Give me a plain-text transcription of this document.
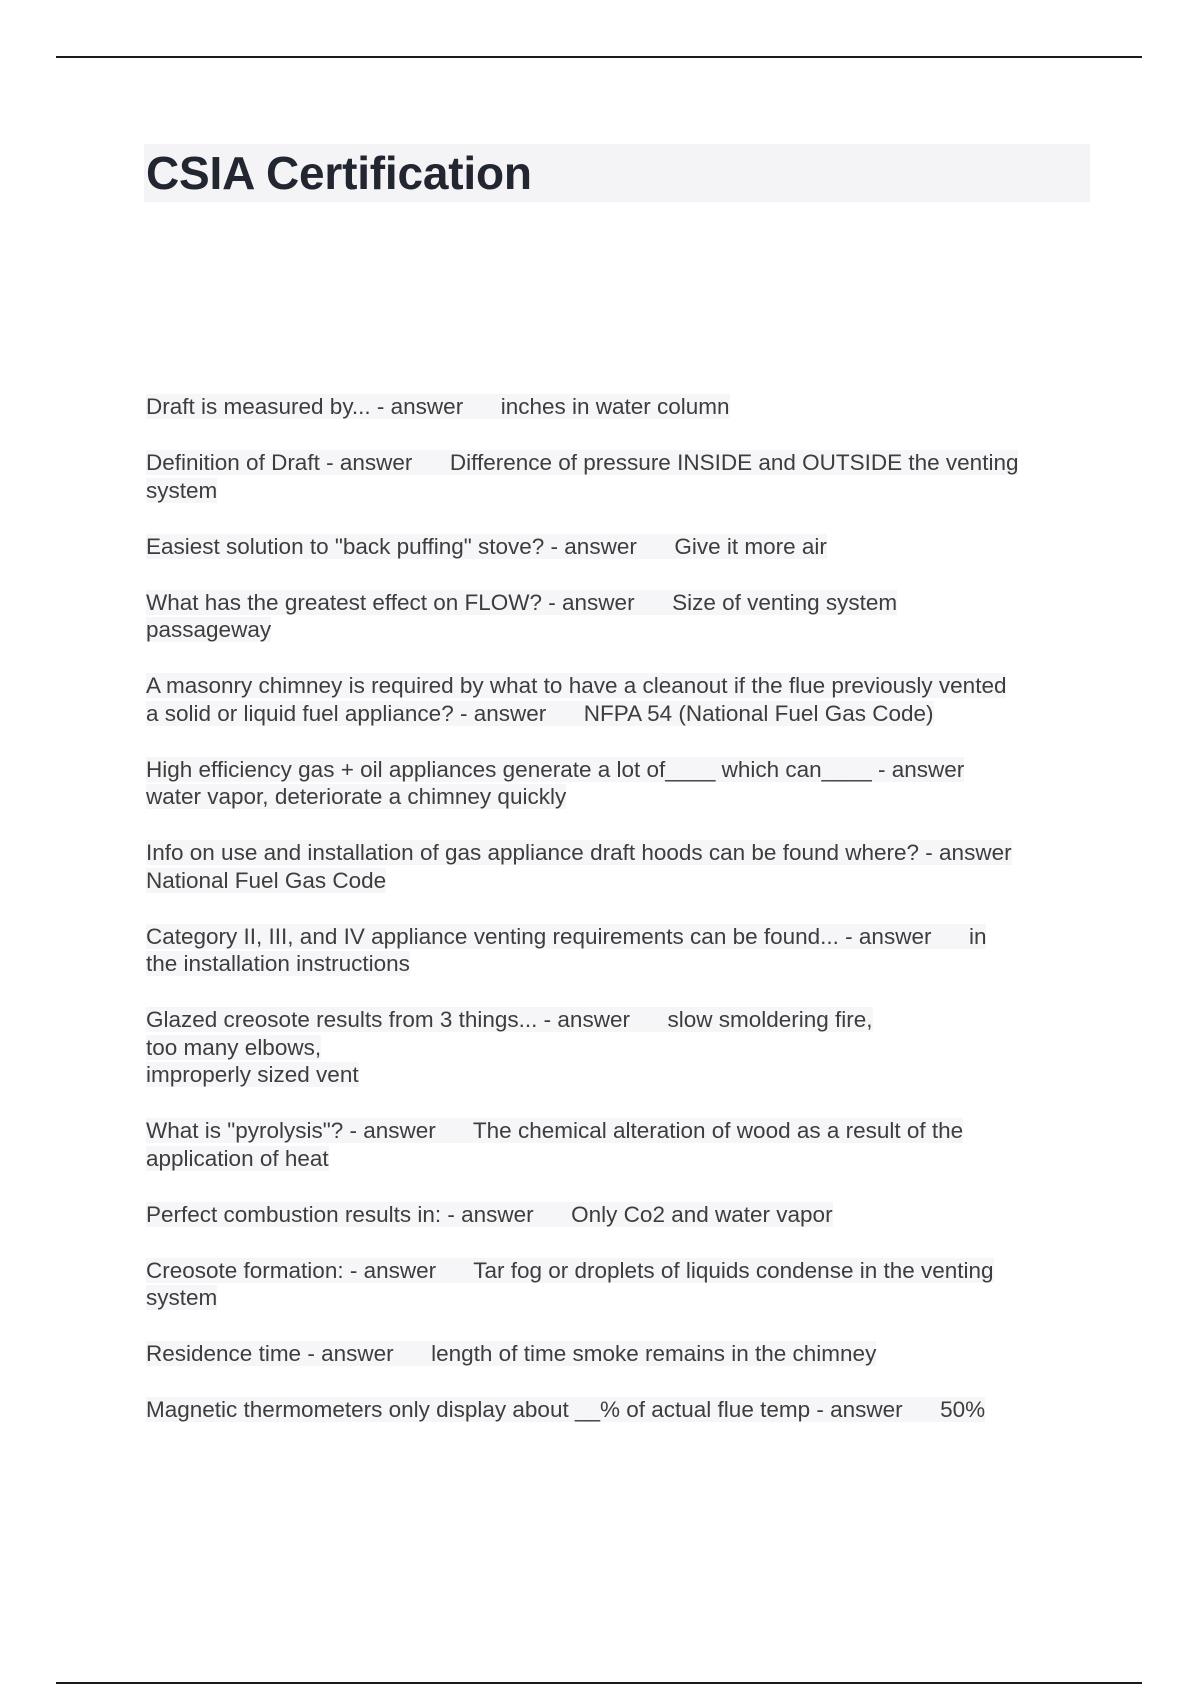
CSIA Certification

Draft is measured by... - answer inches in water column

Definition of Draft - answer Difference of pressure INSIDE and OUTSIDE the venting
system

Easiest solution to "back puffing" stove? - answer Give it more air

What has the greatest effect on FLOW? - answer Size of venting system
passageway

A masonry chimney is required by what to have a cleanout if the flue previously vented
a solid or liquid fuel appliance? - answer NFPA 54 (National Fuel Gas Code)

High efficiency gas + oil appliances generate a lot of____ which can____ - answer
water vapor, deteriorate a chimney quickly

Info on use and installation of gas appliance draft hoods can be found where? - answer
National Fuel Gas Code

Category II, III, and IV appliance venting requirements can be found... - answer in
the installation instructions

Glazed creosote results from 3 things... - answer slow smoldering fire,
too many elbows,
improperly sized vent

What is "pyrolysis"? - answer The chemical alteration of wood as a result of the
application of heat

Perfect combustion results in: - answer Only Co2 and water vapor

Creosote formation: - answer Tar fog or droplets of liquids condense in the venting
system

Residence time - answer length of time smoke remains in the chimney

Magnetic thermometers only display about __% of actual flue temp - answer 50%
